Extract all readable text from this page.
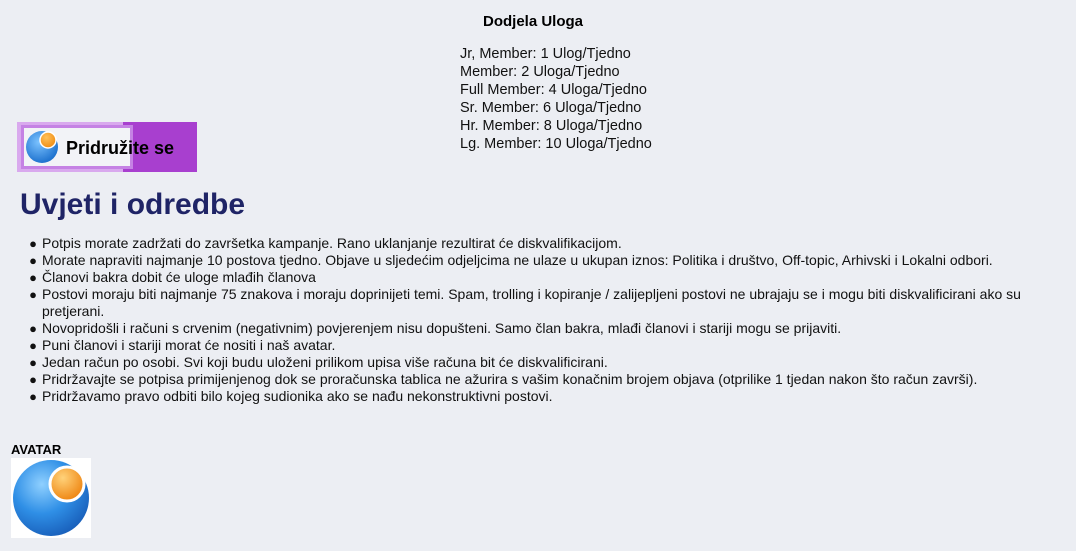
Dodjela Uloga
Jr, Member: 1 Ulog/Tjedno
Member: 2 Uloga/Tjedno
Full Member: 4 Uloga/Tjedno
Sr. Member: 6 Uloga/Tjedno
Hr. Member: 8 Uloga/Tjedno
Lg. Member: 10 Uloga/Tjedno
Pridružite se
Uvjeti i odredbe
● Potpis morate zadržati do završetka kampanje. Rano uklanjanje rezultirat će diskvalifikacijom.
● Morate napraviti najmanje 10 postova tjedno. Objave u sljedećim odjeljcima ne ulaze u ukupan iznos: Politika i društvo, Off-topic, Arhivski i Lokalni odbori.
● Članovi bakra dobit će uloge mlađih članova
● Postovi moraju biti najmanje 75 znakova i moraju doprinijeti temi. Spam, trolling i kopiranje / zalijepljeni postovi ne ubrajaju se i mogu biti diskvalificirani ako su pretjerani.
● Novopridošli i računi s crvenim (negativnim) povjerenjem nisu dopušteni. Samo član bakra, mlađi članovi i stariji mogu se prijaviti.
● Puni članovi i stariji morat će nositi i naš avatar.
● Jedan račun po osobi. Svi koji budu uloženi prilikom upisa više računa bit će diskvalificirani.
● Pridržavajte se potpisa primijenjenog dok se proračunska tablica ne ažurira s vašim konačnim brojem objava (otprilike 1 tjedan nakon što račun završi).
● Pridržavamo pravo odbiti bilo kojeg sudionika ako se nađu nekonstruktivni postovi.
AVATAR
